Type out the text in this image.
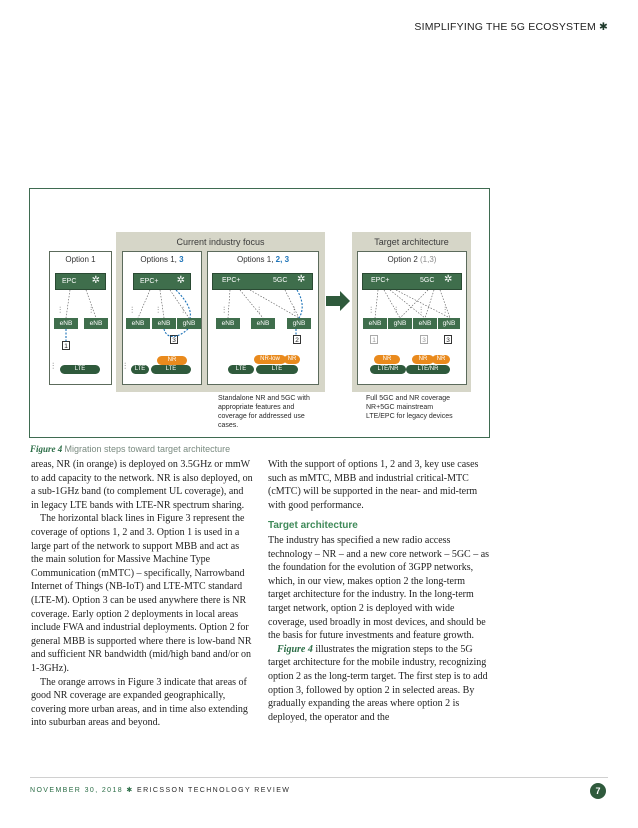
SIMPLIFYING THE 5G ECOSYSTEM ✱
Current industry focus	Target architecture
Option 1
EPC ✲
⫶	⫶
eNB	eNB
1
⫶	LTE
Options 1, 3
EPC+ ✲
⫶	⫶	⫶
eNB	eNB	gNB
3
⫶	LTE
NR
LTE
Options 1, 2, 3
EPC+	5GC ✲
⫶	⫶	⫶
eNB	eNB	gNB
2
NR-low	NR
LTE	LTE
Option 2 (1,3)
EPC+	5GC ✲
⫶	⫶	⫶ ⫶
eNB	gNB	eNB	gNB
1	3	3
NR	NR	NR
LTE/NR	LTE/NR
Standalone NR and 5GC with
appropriate features and
coverage for addressed use
cases.
Full 5GC and NR coverage
NR+5GC mainstream
LTE/EPC for legacy devices
Figure 4 Migration steps toward target architecture

areas, NR (in orange) is deployed on 3.5GHz or mmW to add capacity to the network. NR is also deployed, on a sub-1GHz band (to complement UL coverage), and in legacy LTE bands with LTE-NR spectrum sharing.

The horizontal black lines in Figure 3 represent the coverage of options 1, 2 and 3. Option 1 is used in a large part of the network to support MBB and act as the main solution for Massive Machine Type Communication (mMTC) – specifically, Narrowband Internet of Things (NB-IoT) and LTE-MTC standard (LTE-M). Option 3 can be used anywhere there is NR coverage. Early option 2 deployments in local areas include FWA and industrial deployments. Option 2 for general MBB is supported where there is low-band NR and sufficient NR bandwidth (mid/high band and/or on 1-3GHz).

The orange arrows in Figure 3 indicate that areas of good NR coverage are expanded geographically, covering more urban areas, and in time also extending into suburban areas and beyond.

With the support of options 1, 2 and 3, key use cases such as mMTC, MBB and industrial critical-MTC (cMTC) will be supported in the near- and mid-term with good performance.

Target architecture

The industry has specified a new radio access technology – NR – and a new core network – 5GC – as the foundation for the evolution of 3GPP networks, which, in our view, makes option 2 the long-term target architecture for the industry. In the long-term target network, option 2 is deployed with wide coverage, used broadly in most devices, and should be the basis for future investments and feature growth.

Figure 4 illustrates the migration steps to the 5G target architecture for the mobile industry, recognizing option 2 as the long-term target. The first step is to add option 3, followed by option 2 in selected areas. By gradually expanding the areas where option 2 is deployed, the operator and the

NOVEMBER 30, 2018 ✱ ERICSSON TECHNOLOGY REVIEW	7
